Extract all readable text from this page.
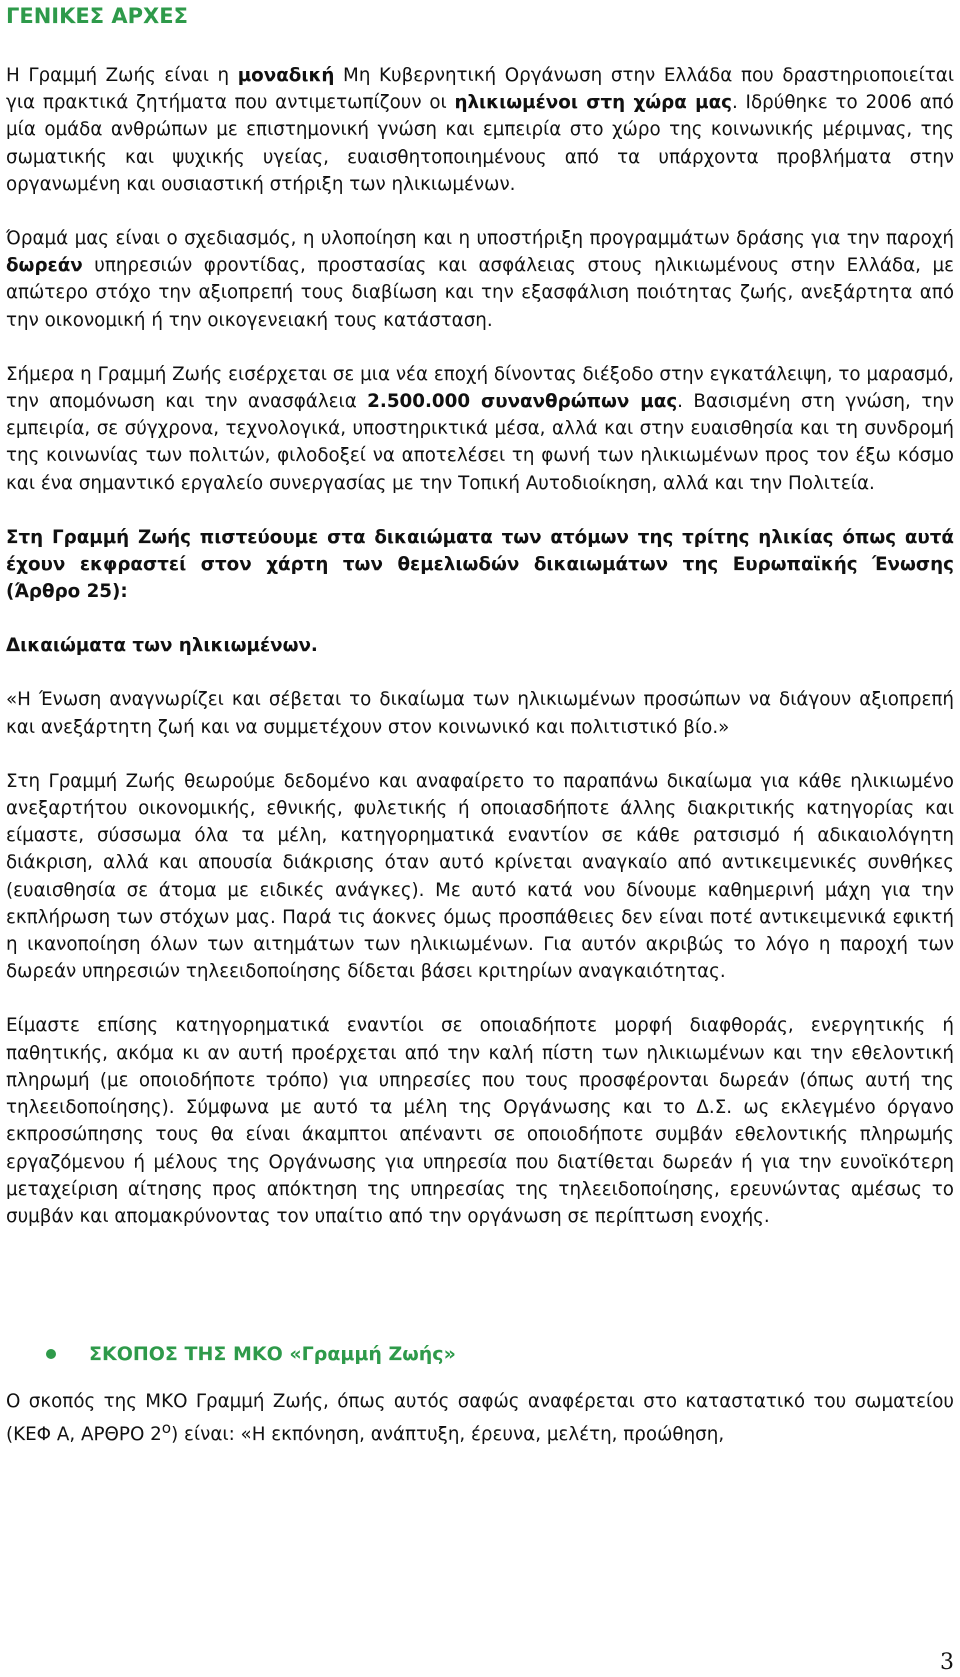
ΓΕΝΙΚΕΣ ΑΡΧΕΣ

Η Γραμμή Ζωής είναι η μοναδική Μη Κυβερνητική Οργάνωση στην Ελλάδα που δραστηριοποιείται για πρακτικά ζητήματα που αντιμετωπίζουν οι ηλικιωμένοι στη χώρα μας. Ιδρύθηκε το 2006 από μία ομάδα ανθρώπων με επιστημονική γνώση και εμπειρία στο χώρο της κοινωνικής μέριμνας, της σωματικής και ψυχικής υγείας, ευαισθητοποιημένους από τα υπάρχοντα προβλήματα στην οργανωμένη και ουσιαστική στήριξη των ηλικιωμένων.

Όραμά μας είναι ο σχεδιασμός, η υλοποίηση και η υποστήριξη προγραμμάτων δράσης για την παροχή δωρεάν υπηρεσιών φροντίδας, προστασίας και ασφάλειας στους ηλικιωμένους στην Ελλάδα, με απώτερο στόχο την αξιοπρεπή τους διαβίωση και την εξασφάλιση ποιότητας ζωής, ανεξάρτητα από την οικονομική ή την οικογενειακή τους κατάσταση.

Σήμερα η Γραμμή Ζωής εισέρχεται σε μια νέα εποχή δίνοντας διέξοδο στην εγκατάλειψη, το μαρασμό, την απομόνωση και την ανασφάλεια 2.500.000 συνανθρώπων μας. Βασισμένη στη γνώση, την εμπειρία, σε σύγχρονα, τεχνολογικά, υποστηρικτικά μέσα, αλλά και στην ευαισθησία και τη συνδρομή της κοινωνίας των πολιτών, φιλοδοξεί να αποτελέσει τη φωνή των ηλικιωμένων προς τον έξω κόσμο και ένα σημαντικό εργαλείο συνεργασίας με την Τοπική Αυτοδιοίκηση, αλλά και την Πολιτεία.

Στη Γραμμή Ζωής πιστεύουμε στα δικαιώματα των ατόμων της τρίτης ηλικίας όπως αυτά έχουν εκφραστεί στον χάρτη των θεμελιωδών δικαιωμάτων της Ευρωπαϊκής Ένωσης (Άρθρο 25):

Δικαιώματα των ηλικιωμένων.

«Η Ένωση αναγνωρίζει και σέβεται το δικαίωμα των ηλικιωμένων προσώπων να διάγουν αξιοπρεπή και ανεξάρτητη ζωή και να συμμετέχουν στον κοινωνικό και πολιτιστικό βίο.»

Στη Γραμμή Ζωής θεωρούμε δεδομένο και αναφαίρετο το παραπάνω δικαίωμα για κάθε ηλικιωμένο ανεξαρτήτου οικονομικής, εθνικής, φυλετικής ή οποιασδήποτε άλλης διακριτικής κατηγορίας και είμαστε, σύσσωμα όλα τα μέλη, κατηγορηματικά εναντίον σε κάθε ρατσισμό ή αδικαιολόγητη διάκριση, αλλά και απουσία διάκρισης όταν αυτό κρίνεται αναγκαίο από αντικειμενικές συνθήκες (ευαισθησία σε άτομα με ειδικές ανάγκες). Με αυτό κατά νου δίνουμε καθημερινή μάχη για την εκπλήρωση των στόχων μας. Παρά τις άοκνες όμως προσπάθειες δεν είναι ποτέ αντικειμενικά εφικτή η ικανοποίηση όλων των αιτημάτων των ηλικιωμένων. Για αυτόν ακριβώς το λόγο η παροχή των δωρεάν υπηρεσιών τηλεειδοποίησης δίδεται βάσει κριτηρίων αναγκαιότητας.

Είμαστε επίσης κατηγορηματικά εναντίοι σε οποιαδήποτε μορφή διαφθοράς, ενεργητικής ή παθητικής, ακόμα κι αν αυτή προέρχεται από την καλή πίστη των ηλικιωμένων και την εθελοντική πληρωμή (με οποιοδήποτε τρόπο) για υπηρεσίες που τους προσφέρονται δωρεάν (όπως αυτή της τηλεειδοποίησης). Σύμφωνα με αυτό τα μέλη της Οργάνωσης και το Δ.Σ. ως εκλεγμένο όργανο εκπροσώπησης τους θα είναι άκαμπτοι απέναντι σε οποιοδήποτε συμβάν εθελοντικής πληρωμής εργαζόμενου ή μέλους της Οργάνωσης για υπηρεσία που διατίθεται δωρεάν ή για την ευνοϊκότερη μεταχείριση αίτησης προς απόκτηση της υπηρεσίας της τηλεειδοποίησης, ερευνώντας αμέσως το συμβάν και απομακρύνοντας τον υπαίτιο από την οργάνωση σε περίπτωση ενοχής.

ΣΚΟΠΟΣ ΤΗΣ ΜΚΟ «Γραμμή Ζωής»

Ο σκοπός της ΜΚΟ Γραμμή Ζωής, όπως αυτός σαφώς αναφέρεται στο καταστατικό του σωματείου (ΚΕΦ Α, ΑΡΘΡΟ $2^o$) είναι: «Η εκπόνηση, ανάπτυξη, έρευνα, μελέτη, προώθηση,

3
